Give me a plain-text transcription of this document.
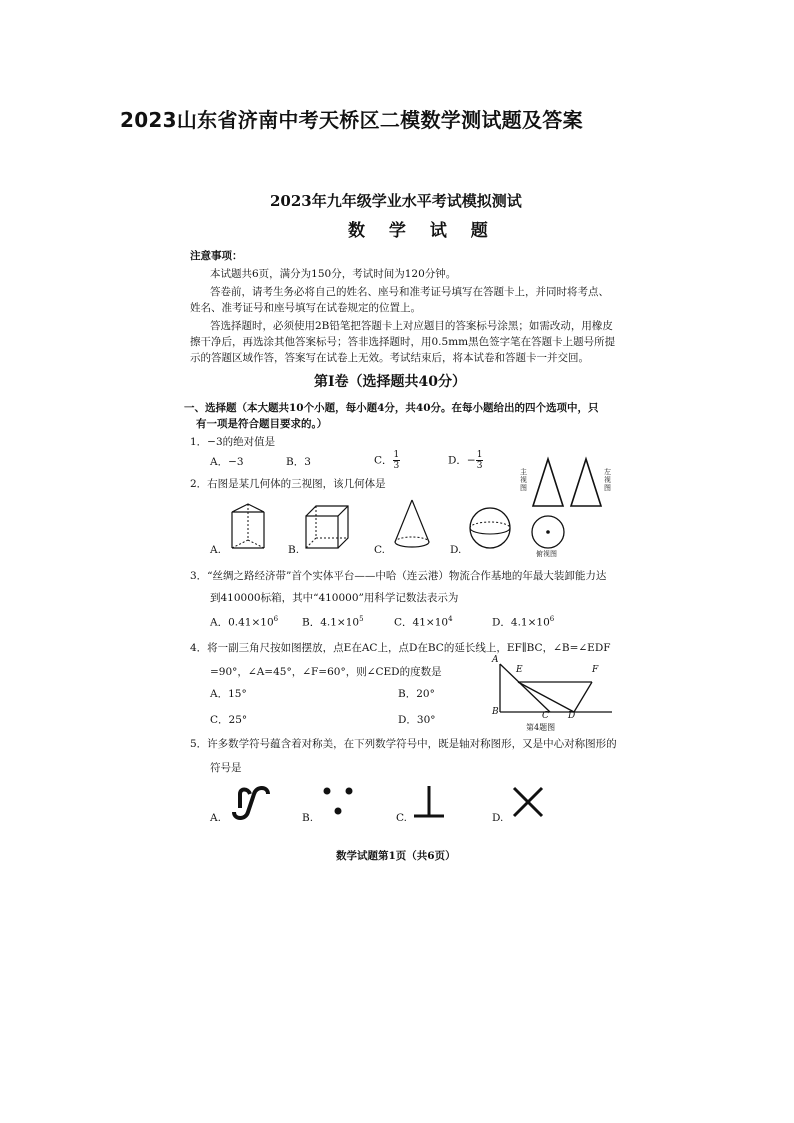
2023山东省济南中考天桥区二模数学测试题及答案
2023年九年级学业水平考试模拟测试
数 学 试 题
注意事项：
本试题共6页，满分为150分，考试时间为120分钟。
答卷前，请考生务必将自己的姓名、座号和准考证号填写在答题卡上，并同时将考点、
姓名、准考证号和座号填写在试卷规定的位置上。
答选择题时，必须使用2B铅笔把答题卡上对应题目的答案标号涂黑；如需改动，用橡皮
擦干净后，再选涂其他答案标号；答非选择题时，用0.5mm黑色签字笔在答题卡上题号所提
示的答题区域作答，答案写在试卷上无效。考试结束后，将本试卷和答题卡一并交回。
第Ⅰ卷（选择题共40分）
一、选择题（本大题共10个小题，每小题4分，共40分。在每小题给出的四个选项中，只
有一项是符合题目要求的。）
1．−3的绝对值是
A．−3	B．3	C． $\frac{1}{3}$	D．− $\frac{1}{3}$
2．右图是某几何体的三视图，该几何体是
主视图
左视图
A.	B.	C.	D.	俯视图
3．“丝绸之路经济带”首个实体平台——中哈（连云港）物流合作基地的年最大装卸能力达
到410000标箱，其中“410000”用科学记数法表示为
A．$0.41\times 10^6$ B．$4.1\times 10^5$	C．$41\times 10^4$	D．$4.1\times 10^6$
4．将一副三角尺按如图摆放，点E在AC上，点D在BC的延长线上，EF∥BC，∠B=∠EDF
=90°，∠A=45°，∠F=60°，则∠CED的度数是
A．15°	B．20°
C．25°	D．30°
A
E	F
B	C D
第4题图
5．许多数学符号蕴含着对称美，在下列数学符号中，既是轴对称图形，又是中心对称图形的
符号是
A.	B.	C.	D.
数学试题第1页（共6页）
